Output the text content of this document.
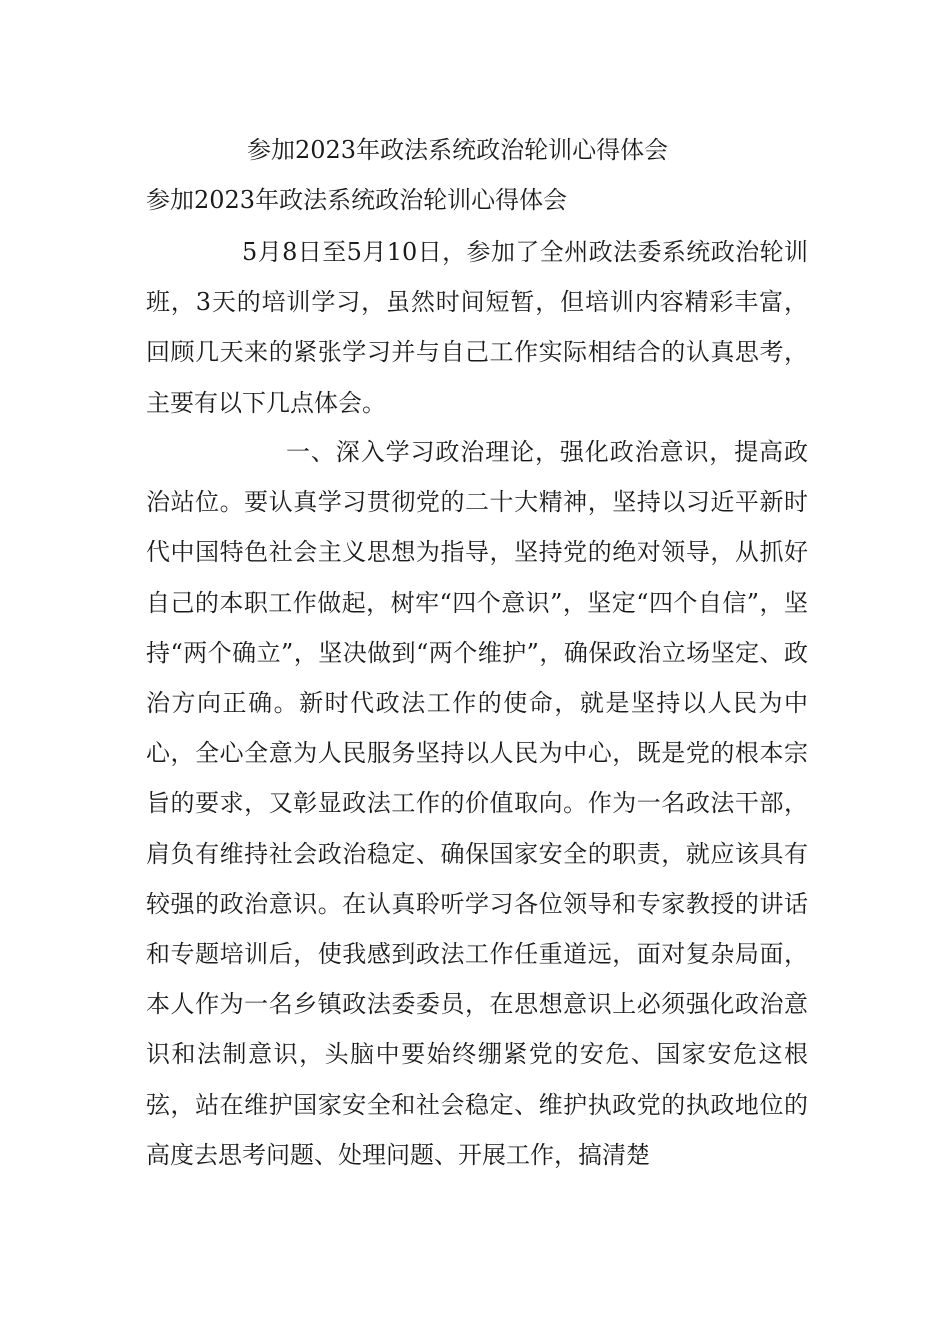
参加2023年政法系统政治轮训心得体会
参加2023年政法系统政治轮训心得体会

5月8日至5月10日，参加了全州政法委系统政治轮训班，3天的培训学习，虽然时间短暂，但培训内容精彩丰富，回顾几天来的紧张学习并与自己工作实际相结合的认真思考，主要有以下几点体会。

一、深入学习政治理论，强化政治意识，提高政治站位。要认真学习贯彻党的二十大精神，坚持以习近平新时代中国特色社会主义思想为指导，坚持党的绝对领导，从抓好自己的本职工作做起，树牢“四个意识”，坚定“四个自信”，坚持“两个确立”，坚决做到“两个维护”，确保政治立场坚定、政治方向正确。新时代政法工作的使命，就是坚持以人民为中心，全心全意为人民服务坚持以人民为中心，既是党的根本宗旨的要求，又彰显政法工作的价值取向。作为一名政法干部，肩负有维持社会政治稳定、确保国家安全的职责，就应该具有较强的政治意识。在认真聆听学习各位领导和专家教授的讲话和专题培训后，使我感到政法工作任重道远，面对复杂局面，本人作为一名乡镇政法委委员，在思想意识上必须强化政治意识和法制意识，头脑中要始终绷紧党的安危、国家安危这根弦，站在维护国家安全和社会稳定、维护执政党的执政地位的高度去思考问题、处理问题、开展工作，搞清楚
